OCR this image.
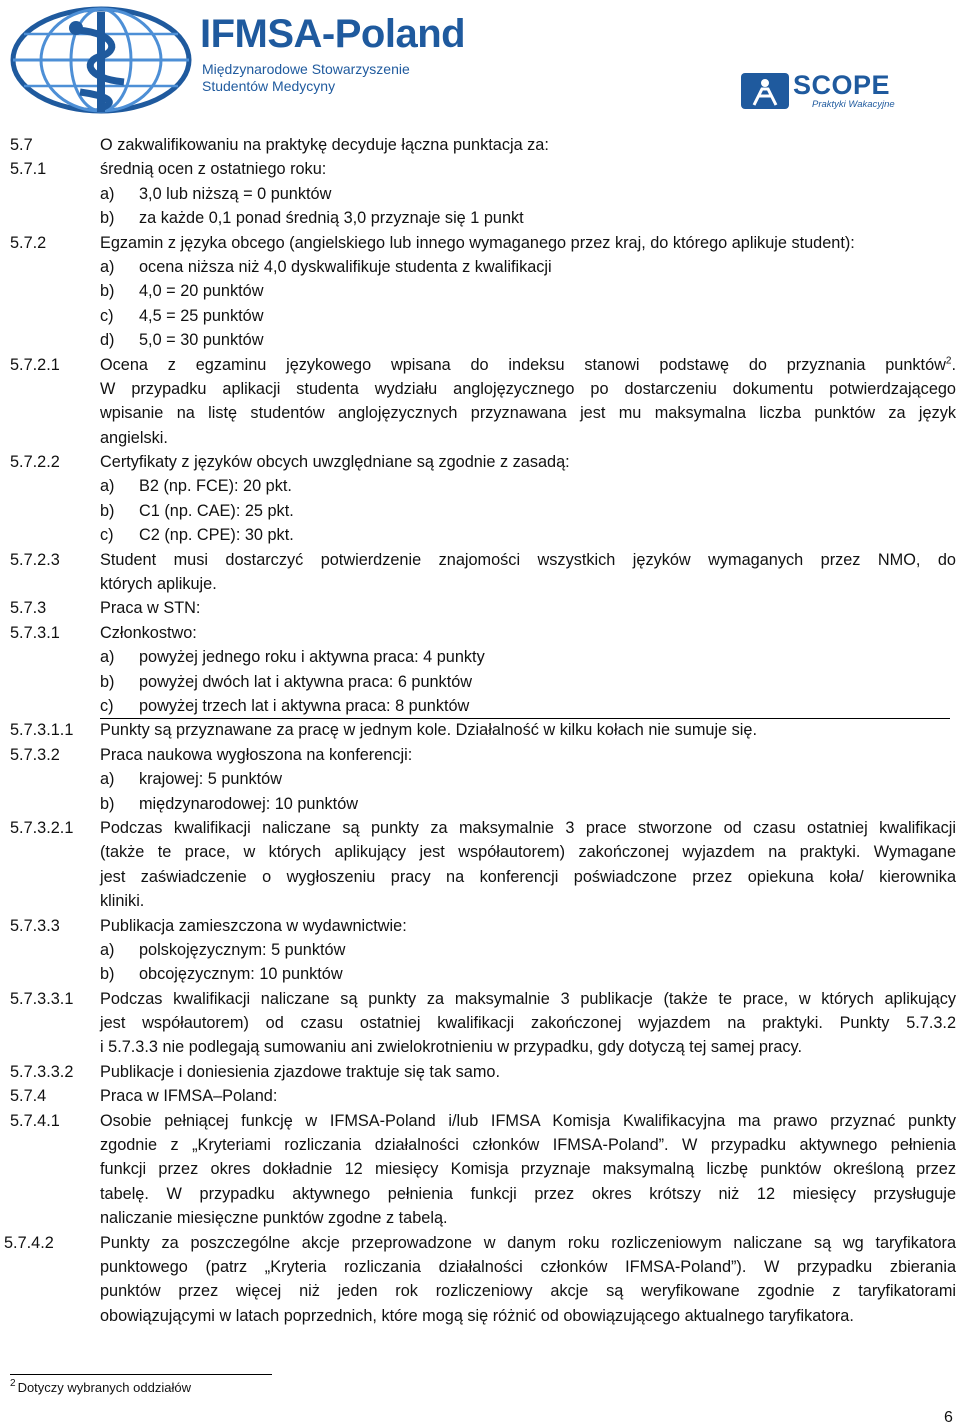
IFMSA-Poland
Międzynarodowe Stowarzyszenie
Studentów Medycyny	SCOPE
Praktyki Wakacyjne
5.7	O zakwalifikowaniu na praktykę decyduje łączna punktacja za:
5.7.1	średnią ocen z ostatniego roku:
a) 3,0 lub niższą = 0 punktów
b) za każde 0,1 ponad średnią 3,0 przyznaje się 1 punkt
5.7.2	Egzamin z języka obcego (angielskiego lub innego wymaganego przez kraj, do którego aplikuje student):
a) ocena niższa niż 4,0 dyskwalifikuje studenta z kwalifikacji
b) 4,0 = 20 punktów
c) 4,5 = 25 punktów
d) 5,0 = 30 punktów
5.7.2.1 Ocena z egzaminu językowego wpisana do indeksu stanowi podstawę do przyznania punktów$^2$.
W przypadku aplikacji studenta wydziału anglojęzycznego po dostarczeniu dokumentu potwierdzającego
wpisanie na listę studentów anglojęzycznych przyznawana jest mu maksymalna liczba punktów za język
angielski.
5.7.2.2 Certyfikaty z języków obcych uwzględniane są zgodnie z zasadą:
a) B2 (np. FCE): 20 pkt.
b) C1 (np. CAE): 25 pkt.
c) C2 (np. CPE): 30 pkt.
5.7.2.3 Student musi dostarczyć potwierdzenie znajomości wszystkich języków wymaganych przez NMO, do
których aplikuje.
5.7.3	Praca w STN:
5.7.3.1 Członkostwo:
a) powyżej jednego roku i aktywna praca: 4 punkty
b) powyżej dwóch lat i aktywna praca: 6 punktów
c) powyżej trzech lat i aktywna praca: 8 punktów
5.7.3.1.1 Punkty są przyznawane za pracę w jednym kole. Działalność w kilku kołach nie sumuje się.
5.7.3.2 Praca naukowa wygłoszona na konferencji:
a) krajowej: 5 punktów
b) międzynarodowej: 10 punktów
5.7.3.2.1 Podczas kwalifikacji naliczane są punkty za maksymalnie 3 prace stworzone od czasu ostatniej kwalifikacji
(także te prace, w których aplikujący jest współautorem) zakończonej wyjazdem na praktyki. Wymagane
jest zaświadczenie o wygłoszeniu pracy na konferencji poświadczone przez opiekuna koła/ kierownika
kliniki.
5.7.3.3 Publikacja zamieszczona w wydawnictwie:
a) polskojęzycznym: 5 punktów
b) obcojęzycznym: 10 punktów
5.7.3.3.1 Podczas kwalifikacji naliczane są punkty za maksymalnie 3 publikacje (także te prace, w których aplikujący
jest współautorem) od czasu ostatniej kwalifikacji zakończonej wyjazdem na praktyki. Punkty 5.7.3.2
i 5.7.3.3 nie podlegają sumowaniu ani zwielokrotnieniu w przypadku, gdy dotyczą tej samej pracy.
5.7.3.3.2 Publikacje i doniesienia zjazdowe traktuje się tak samo.
5.7.4	Praca w IFMSA–Poland:
5.7.4.1 Osobie pełniącej funkcję w IFMSA-Poland i/lub IFMSA Komisja Kwalifikacyjna ma prawo przyznać punkty
zgodnie z „Kryteriami rozliczania działalności członków IFMSA-Poland”. W przypadku aktywnego pełnienia
funkcji przez okres dokładnie 12 miesięcy Komisja przyznaje maksymalną liczbę punktów określoną przez
tabelę. W przypadku aktywnego pełnienia funkcji przez okres krótszy niż 12 miesięcy przysługuje
naliczanie miesięczne punktów zgodne z tabelą.
5.7.4.2	Punkty za poszczególne akcje przeprowadzone w danym roku rozliczeniowym naliczane są wg taryfikatora
punktowego (patrz „Kryteria rozliczania działalności członków IFMSA-Poland”). W przypadku zbierania
punktów przez więcej niż jeden rok rozliczeniowy akcje są weryfikowane zgodnie z taryfikatorami
obowiązującymi w latach poprzednich, które mogą się różnić od obowiązującego aktualnego taryfikatora.
$^2$ Dotyczy wybranych oddziałów
6
